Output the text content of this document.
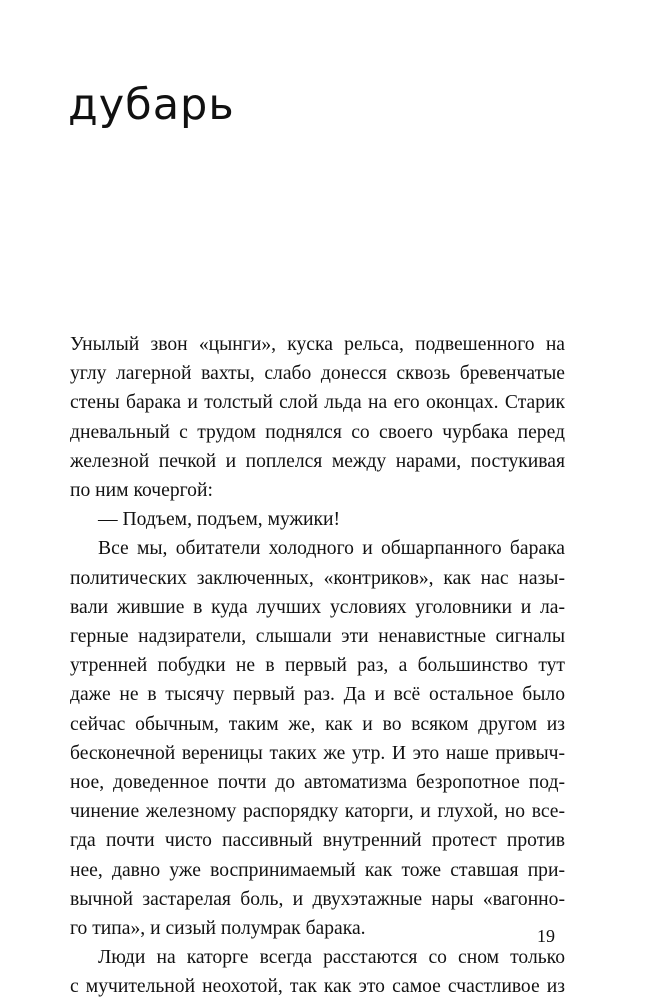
дубарь
Унылый звон «цынги», куска рельса, подвешенного на
углу лагерной вахты, слабо донесся сквозь бревенчатые
стены барака и толстый слой льда на его оконцах. Старик
дневальный с трудом поднялся со своего чурбака перед
железной печкой и поплелся между нарами, постукивая
по ним кочергой:
— Подъем, подъем, мужики!
Все мы, обитатели холодного и обшарпанного барака
политических заключенных, «контриков», как нас назы-
вали жившие в куда лучших условиях уголовники и ла-
герные надзиратели, слышали эти ненавистные сигналы
утренней побудки не в первый раз, а большинство тут
даже не в тысячу первый раз. Да и всё остальное было
сейчас обычным, таким же, как и во всяком другом из
бесконечной вереницы таких же утр. И это наше привыч-
ное, доведенное почти до автоматизма безропотное под-
чинение железному распорядку каторги, и глухой, но все-
гда почти чисто пассивный внутренний протест против
нее, давно уже воспринимаемый как тоже ставшая при-
вычной застарелая боль, и двухэтажные нары «вагонно-
го типа», и сизый полумрак барака.
Люди на каторге всегда расстаются со сном только
с мучительной неохотой, так как это самое счастливое из
19
